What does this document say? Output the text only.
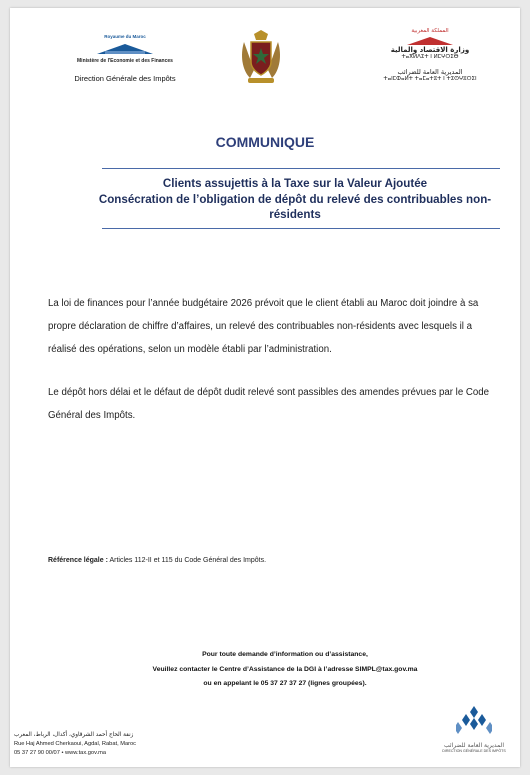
Royaume du Maroc
Ministère de l'Economie et des Finances
Direction Générale des Impôts
المملكة المغربية
وزارة الاقتصاد والمالية
ⵜⴰⴳⵍⴷⵉⵜ ⵏ ⵍⵎⵖⵔⵉⴱ
المديرية العامة للضرائب
ⵜⴰⵏⵎⵀⴰⵍⵜ ⵜⴰⵎⴰⵜⵓⵜ ⵏ ⵜⵉⵙⵖⵓⵔⵉⵏ
COMMUNIQUE
Clients assujettis à la Taxe sur la Valeur Ajoutée
Consécration de l’obligation de dépôt du relevé des contribuables non-
résidents
La loi de finances pour l’année budgétaire 2026 prévoit que le client établi au Maroc doit joindre à sa propre déclaration de chiffre d’affaires, un relevé des contribuables non-résidents avec lesquels il a réalisé des opérations, selon un modèle établi par l’administration.
Le dépôt hors délai et le défaut de dépôt dudit relevé sont passibles des amendes prévues par le Code Général des Impôts.
Référence légale : Articles 112-II et 115 du Code Général des Impôts.
Pour toute demande d’information ou d’assistance,
Veuillez contacter le Centre d’Assistance de la DGI à l’adresse SIMPL@tax.gov.ma
ou en appelant le 05 37 27 37 27 (lignes groupées).
زنقة الحاج أحمد الشرقاوي، أكدال، الرباط، المغرب
Rue Haj Ahmed Cherkaoui, Agdal, Rabat, Maroc
05 37 27 90 00/07 • www.tax.gov.ma
المديرية العامة للضرائب
DIRECTION GÉNÉRALE DES IMPÔTS
